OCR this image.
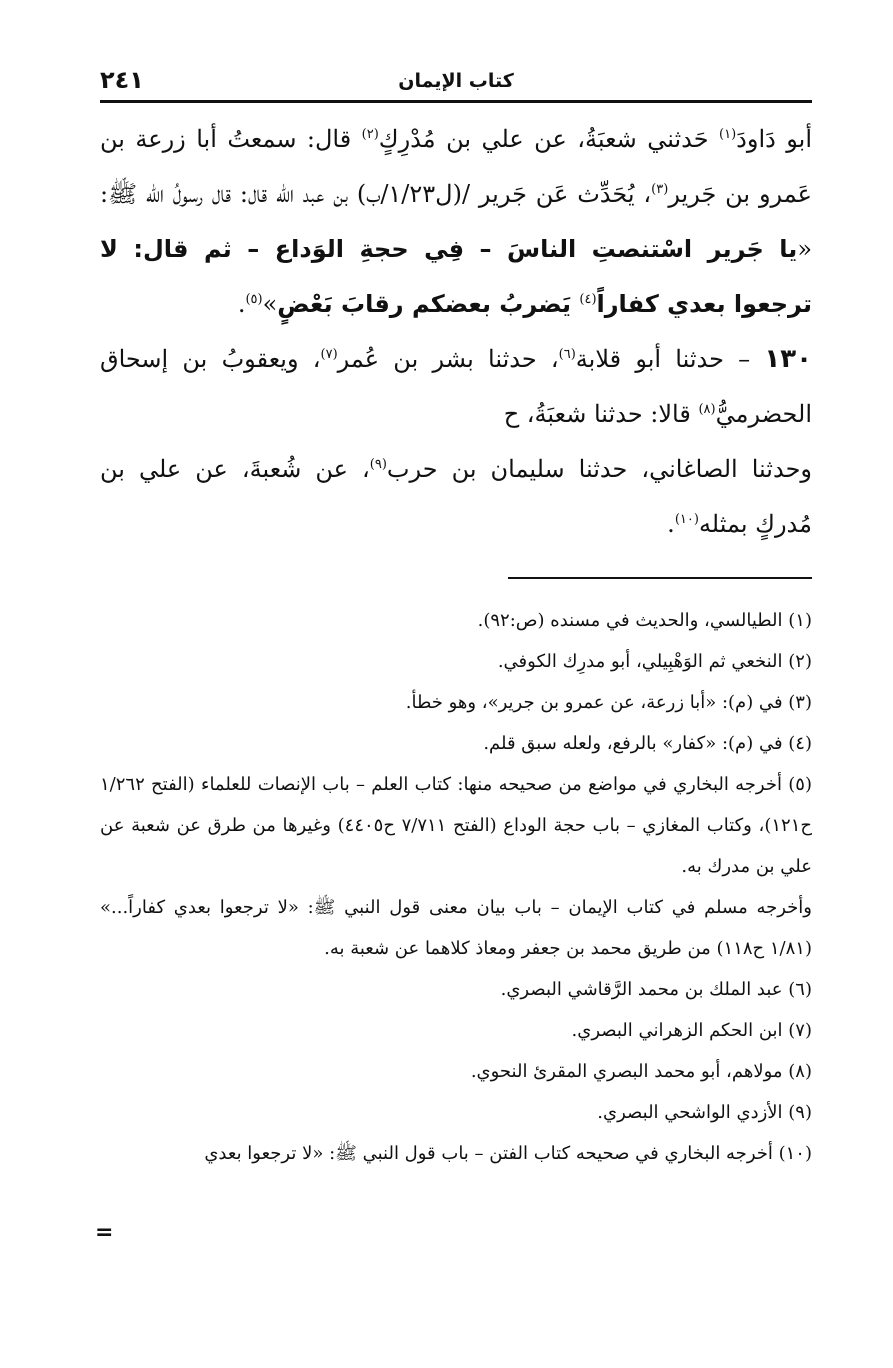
كتاب الإيمان
٢٤١

أبو دَاودَ$^{(١)}$ حَدثني شعبَةُ، عن علي بن مُدْرِكٍ$^{(٢)}$ قال: سمعتُ أبا زرعة بن عَمرو بن جَرير$^{(٣)}$، يُحَدِّث عَن جَرير /(ل١/٢٣/ب) بن عبد الله قال: قال رسولُ الله ﷺ: «يا جَرير اسْتنصتِ الناسَ – فِي حجةِ الوَداع – ثم قال: لا ترجعوا بعدي كفاراً$^{(٤)}$ يَضربُ بعضكم رقابَ بَعْضٍ»$^{(٥)}$.

١٣٠ – حدثنا أبو قلابة$^{(٦)}$، حدثنا بشر بن عُمر$^{(٧)}$، ويعقوبُ بن إسحاق الحضرميُّ$^{(٨)}$ قالا: حدثنا شعبَةُ، ح

وحدثنا الصاغاني، حدثنا سليمان بن حرب$^{(٩)}$، عن شُعبةَ، عن علي بن مُدركٍ بمثله$^{(١٠)}$.

(١) الطيالسي، والحديث في مسنده (ص:٩٢).

(٢) النخعي ثم الوَهْبِيلي، أبو مدرِك الكوفي.

(٣) في (م): «أبا زرعة، عن عمرو بن جرير»، وهو خطأ.

(٤) في (م): «كفار» بالرفع، ولعله سبق قلم.

(٥) أخرجه البخاري في مواضع من صحيحه منها: كتاب العلم – باب الإنصات للعلماء (الفتح ١/٢٦٢ ح١٢١)، وكتاب المغازي – باب حجة الوداع (الفتح ٧/٧١١ ح٤٤٠٥) وغيرها من طرق عن شعبة عن علي بن مدرك به.

وأخرجه مسلم في كتاب الإيمان – باب بيان معنى قول النبي ﷺ: «لا ترجعوا بعدي كفاراً...» (١/٨١ ح١١٨) من طريق محمد بن جعفر ومعاذ كلاهما عن شعبة به.

(٦) عبد الملك بن محمد الرَّقاشي البصري.

(٧) ابن الحكم الزهراني البصري.

(٨) مولاهم، أبو محمد البصري المقرئ النحوي.

(٩) الأزدي الواشحي البصري.

(١٠) أخرجه البخاري في صحيحه كتاب الفتن – باب قول النبي ﷺ: «لا ترجعوا بعدي

=
